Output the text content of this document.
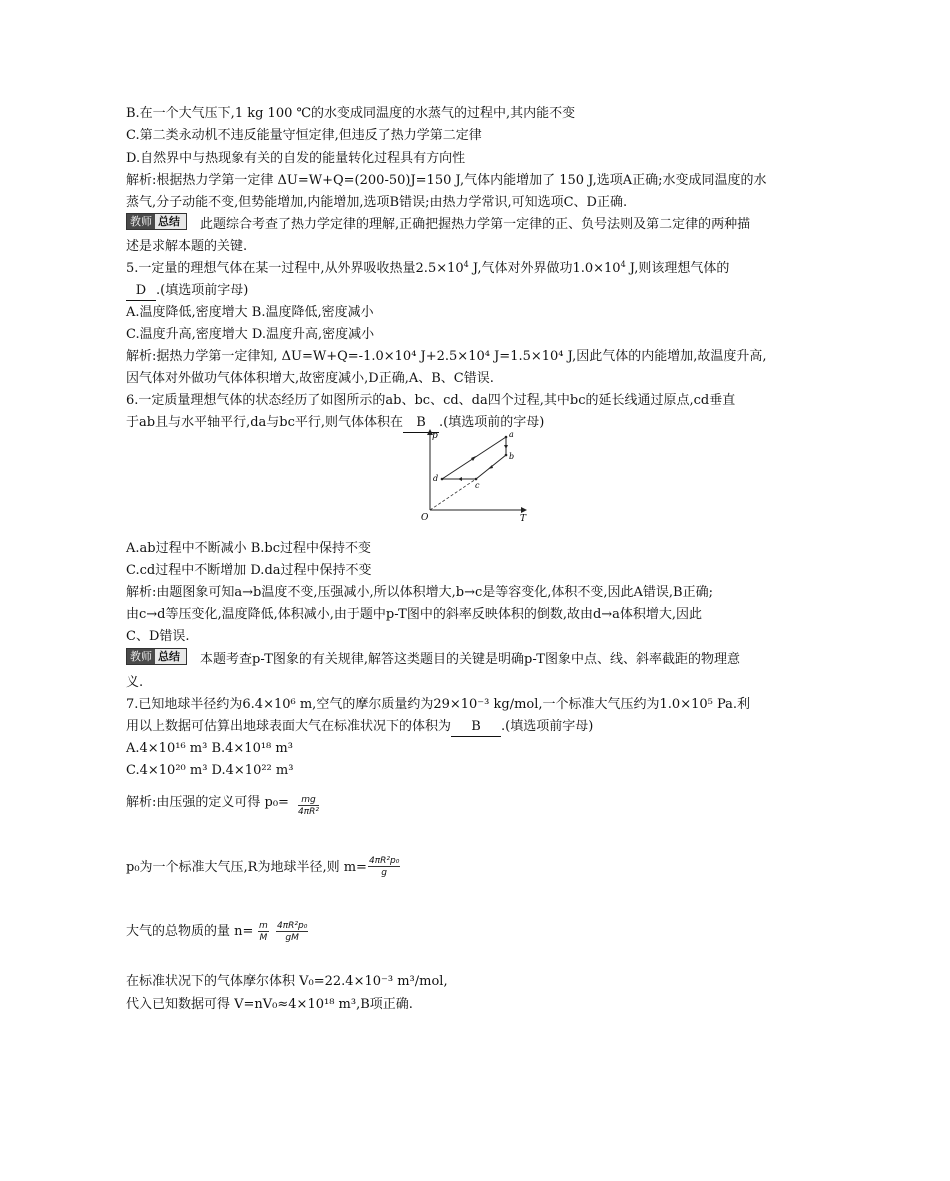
B.在一个大气压下,1 kg 100 ℃的水变成同温度的水蒸气的过程中,其内能不变
C.第二类永动机不违反能量守恒定律,但违反了热力学第二定律
D.自然界中与热现象有关的自发的能量转化过程具有方向性
解析:根据热力学第一定律 ΔU=W+Q=(200-50)J=150 J,气体内能增加了 150 J,选项A正确;水变成同温度的水
蒸气,分子动能不变,但势能增加,内能增加,选项B错误;由热力学常识,可知选项C、D正确.
教师 总结	此题综合考查了热力学定律的理解,正确把握热力学第一定律的正、负号法则及第二定律的两种描
述是求解本题的关键.
5.一定量的理想气体在某一过程中,从外界吸收热量$2.5\times 10^4$ J,气体对外界做功$1.0\times 10^4$ J,则该理想气体的
D .(填选项前字母)
A.温度降低,密度增大 B.温度降低,密度减小
C.温度升高,密度增大 D.温度升高,密度减小
解析:据热力学第一定律知, ΔU=W+Q=-1.0×10⁴ J+2.5×10⁴ J=1.5×10⁴ J,因此气体的内能增加,故温度升高,
因气体对外做功气体体积增大,故密度减小,D正确,A、B、C错误.
6.一定质量理想气体的状态经历了如图所示的ab、bc、cd、da四个过程,其中bc的延长线通过原点,cd垂直
于ab且与水平轴平行,da与bc平行,则气体体积在 B .(填选项前的字母)
p
T
O
a
b
c
d
A.ab过程中不断减小 B.bc过程中保持不变
C.cd过程中不断增加 D.da过程中保持不变
解析:由题图象可知a→b温度不变,压强减小,所以体积增大,b→c是等容变化,体积不变,因此A错误,B正确;
由c→d等压变化,温度降低,体积减小,由于题中p-T图中的斜率反映体积的倒数,故由d→a体积增大,因此
C、D错误.
教师 总结	本题考查p-T图象的有关规律,解答这类题目的关键是明确p-T图象中点、线、斜率截距的物理意
义.
7.已知地球半径约为6.4×10⁶ m,空气的摩尔质量约为29×10⁻³ kg/mol,一个标准大气压约为1.0×10⁵ Pa.利
用以上数据可估算出地球表面大气在标准状况下的体积为 B .(填选项前字母)
A.4×10¹⁶ m³ B.4×10¹⁸ m³
C.4×10²⁰ m³ D.4×10²² m³
解析:由压强的定义可得 $p_0= \frac{mg}{\text{4πR²}}$
p₀为一个标准大气压,R为地球半径,则 $m= \frac{\text{4πR²p₀}}{g}$
大气的总物质的量 $n= \frac{m}{M} \frac{\text{4πR²p₀}}{gM}$
在标准状况下的气体摩尔体积 V₀=22.4×10⁻³ m³/mol,
代入已知数据可得 V=nV₀≈4×10¹⁸ m³,B项正确.
